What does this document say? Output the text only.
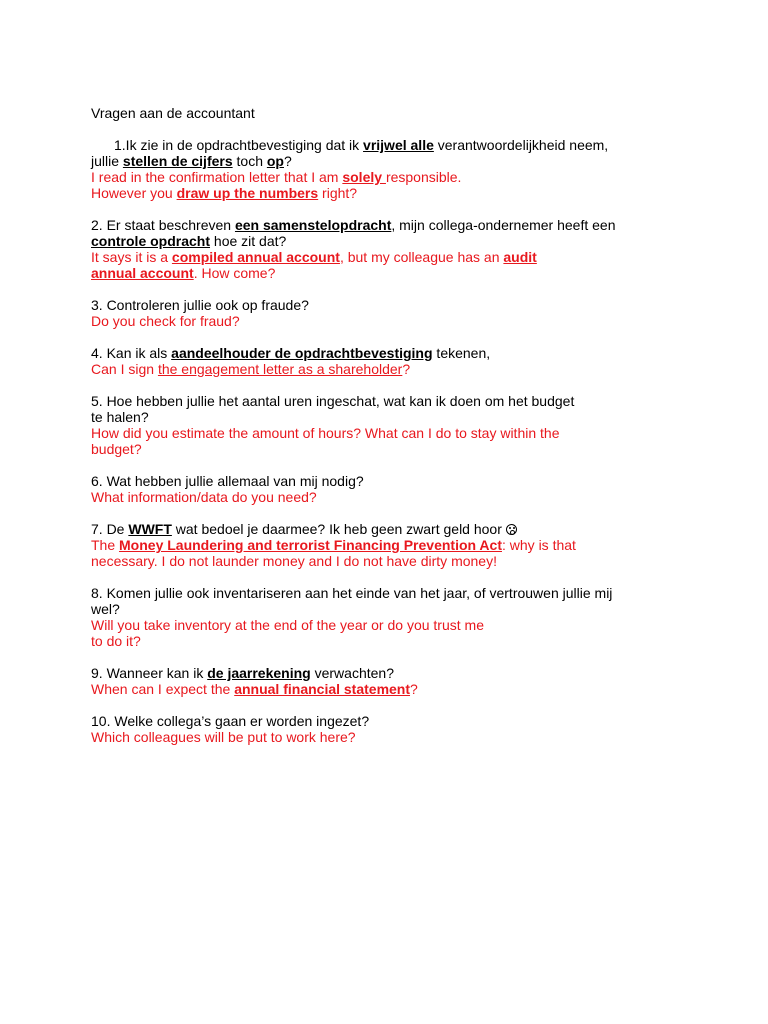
Vragen aan de accountant
1.Ik zie in de opdrachtbevestiging dat ik vrijwel alle verantwoordelijkheid neem,
jullie stellen de cijfers toch op?
I read in the confirmation letter that I am solely responsible.
However you draw up the numbers right?
2. Er staat beschreven een samenstelopdracht, mijn collega-ondernemer heeft een
controle opdracht hoe zit dat?
It says it is a compiled annual account, but my colleague has an audit
annual account. How come?
3. Controleren jullie ook op fraude?
Do you check for fraud?
4. Kan ik als aandeelhouder de opdrachtbevestiging tekenen,
Can I sign the engagement letter as a shareholder?
5. Hoe hebben jullie het aantal uren ingeschat, wat kan ik doen om het budget
te halen?
How did you estimate the amount of hours? What can I do to stay within the
budget?
6. Wat hebben jullie allemaal van mij nodig?
What information/data do you need?
7. De WWFT wat bedoel je daarmee? Ik heb geen zwart geld hoor
The Money Laundering and terrorist Financing Prevention Act: why is that
necessary. I do not launder money and I do not have dirty money!
8. Komen jullie ook inventariseren aan het einde van het jaar, of vertrouwen jullie mij
wel?
Will you take inventory at the end of the year or do you trust me
to do it?
9. Wanneer kan ik de jaarrekening verwachten?
When can I expect the annual financial statement?
10. Welke collega’s gaan er worden ingezet?
Which colleagues will be put to work here?
